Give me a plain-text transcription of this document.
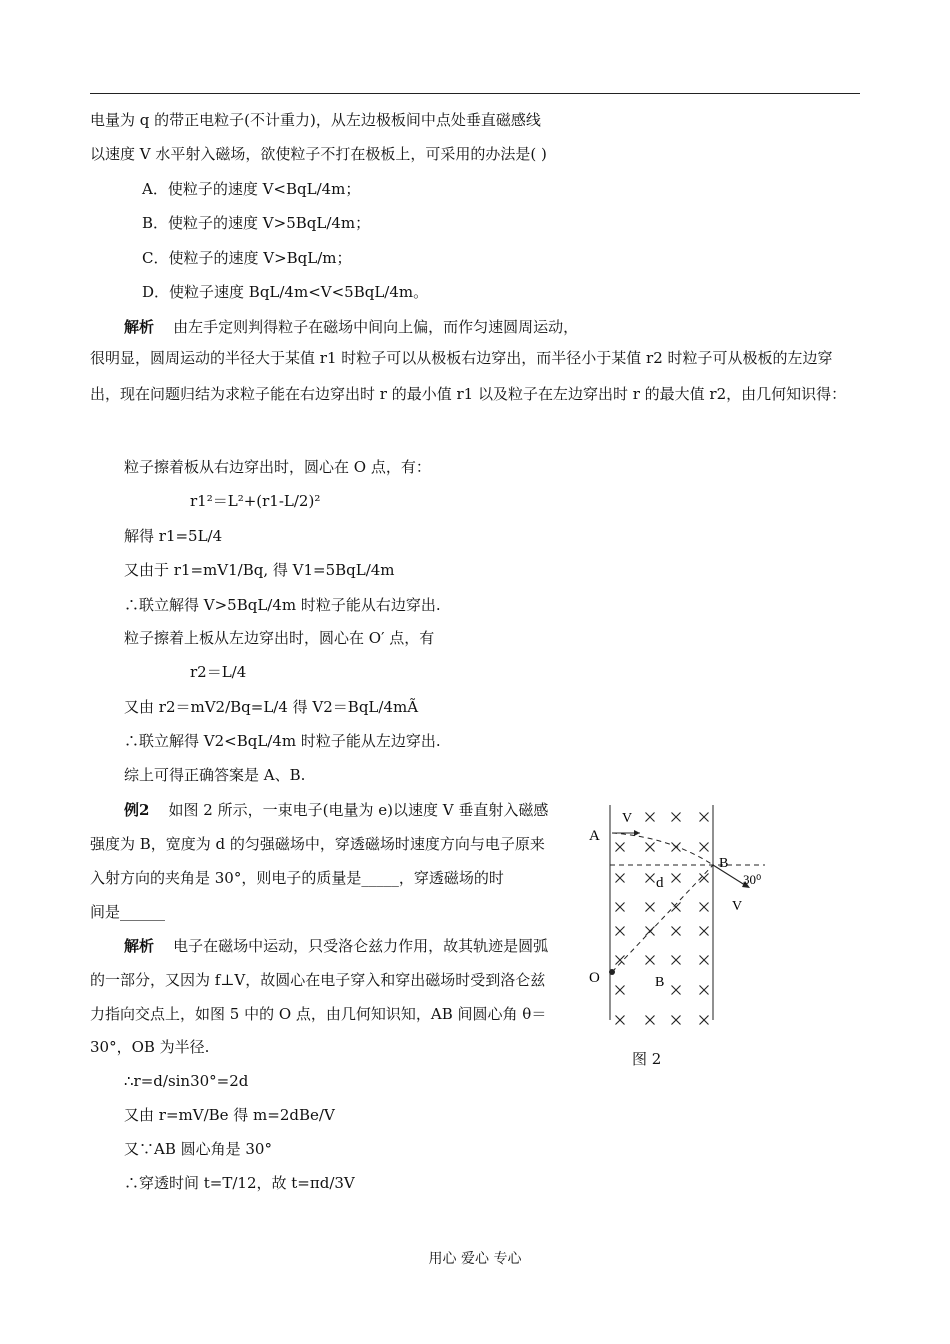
电量为 q 的带正电粒子(不计重力)，从左边极板间中点处垂直磁感线
以速度 V 水平射入磁场，欲使粒子不打在极板上，可采用的办法是( )
A．使粒子的速度 V<BqL/4m；
B．使粒子的速度 V>5BqL/4m；
C．使粒子的速度 V>BqL/m；
D．使粒子速度 BqL/4m<V<5BqL/4m。
解析 由左手定则判得粒子在磁场中间向上偏，而作匀速圆周运动，
很明显，圆周运动的半径大于某值 r1 时粒子可以从极板右边穿出，而半径小于某值 r2 时粒子可从极板的左边穿出，现在问题归结为求粒子能在右边穿出时 r 的最小值 r1 以及粒子在左边穿出时 r 的最大值 r2，由几何知识得：
粒子擦着板从右边穿出时，圆心在 O 点，有：
r1²＝L²+(r1-L/2)²
解得 r1=5L/4
又由于 r1=mV1/Bq, 得 V1=5BqL/4m
∴联立解得 V>5BqL/4m 时粒子能从右边穿出.
粒子擦着上板从左边穿出时，圆心在 O′ 点，有
r2＝L/4
又由 r2＝mV2/Bq=L/4 得 V2＝BqL/4mÃ
∴联立解得 V2<BqL/4m 时粒子能从左边穿出.
综上可得正确答案是 A、B.
例2 如图 2 所示，一束电子(电量为 e)以速度 V 垂直射入磁感
强度为 B，宽度为 d 的匀强磁场中，穿透磁场时速度方向与电子原来
入射方向的夹角是 30°，则电子的质量是_____，穿透磁场的时
间是______
解析 电子在磁场中运动，只受洛仑兹力作用，故其轨迹是圆弧
的一部分，又因为 f⊥V，故圆心在电子穿入和穿出磁场时受到洛仑兹
力指向交点上，如图 5 中的 O 点，由几何知识知，AB 间圆心角 θ＝
30°，OB 为半径.
∴r=d/sin30°=2d
又由 r=mV/Be 得 m=2dBe/V
又∵AB 圆心角是 30°
∴穿透时间 t=T/12，故 t=πd/3V
A
V
B
30⁰
V
d
O	B
图 2
用心 爱心 专心
